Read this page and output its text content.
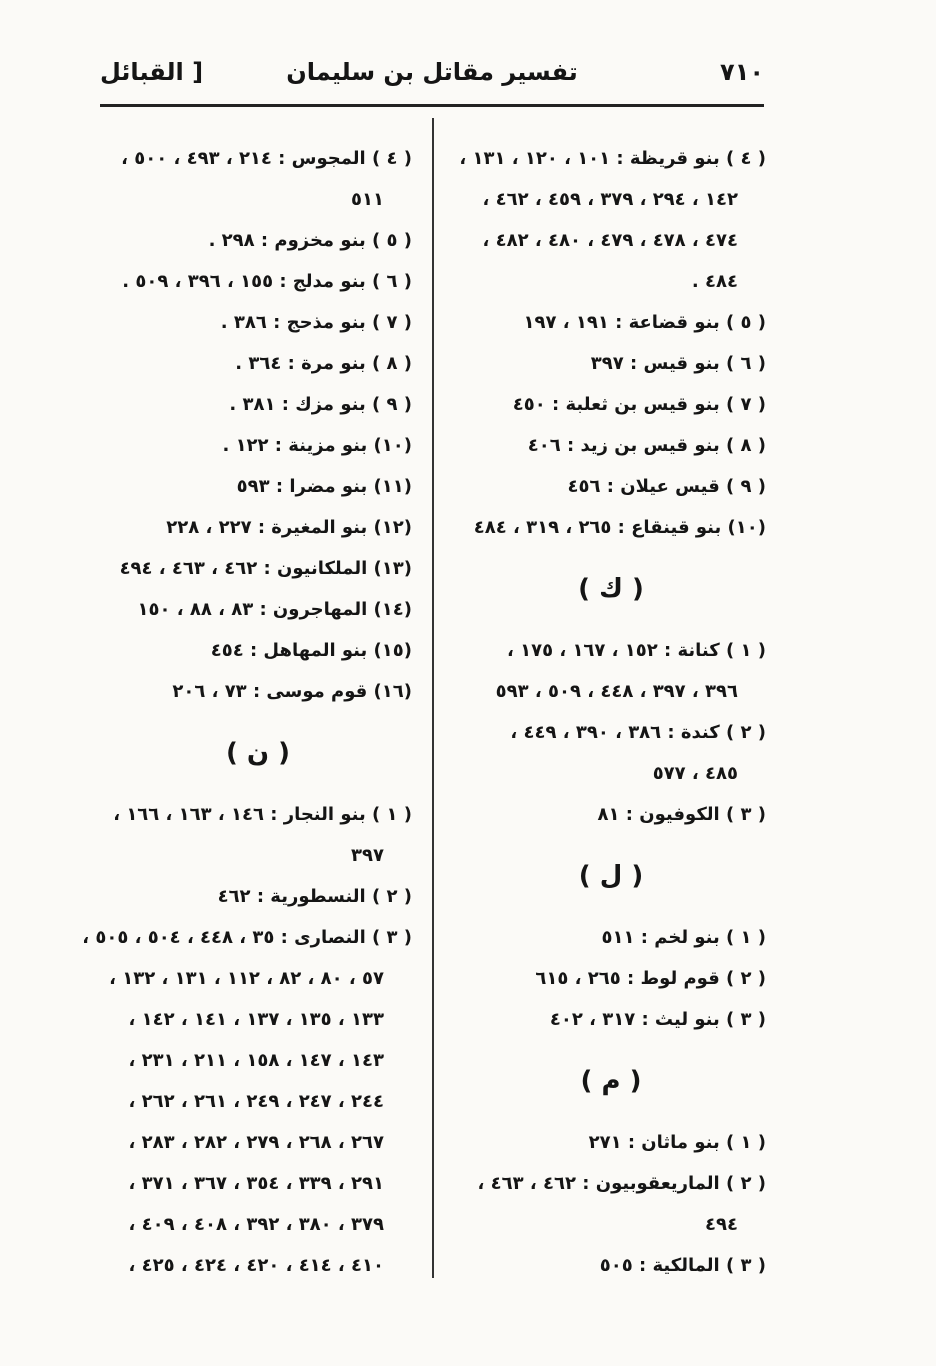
٧١٠
تفسير مقاتل بن سليمان
[ القبائل
( ٤ ) بنو قريظة : ١٠١ ، ١٢٠ ، ١٣١ ،
١٤٢ ، ٢٩٤ ، ٣٧٩ ، ٤٥٩ ، ٤٦٢ ،
٤٧٤ ، ٤٧٨ ، ٤٧٩ ، ٤٨٠ ، ٤٨٢ ،
٤٨٤ .
( ٥ ) بنو قضاعة : ١٩١ ، ١٩٧
( ٦ ) بنو قيس : ٣٩٧
( ٧ ) بنو قيس بن ثعلبة : ٤٥٠
( ٨ ) بنو قيس بن زيد : ٤٠٦
( ٩ ) قيس عيلان : ٤٥٦
(١٠) بنو قينقاع : ٢٦٥ ، ٣١٩ ، ٤٨٤
( ك )
( ١ ) كنانة : ١٥٢ ، ١٦٧ ، ١٧٥ ،
٣٩٦ ، ٣٩٧ ، ٤٤٨ ، ٥٠٩ ، ٥٩٣
( ٢ ) كندة : ٣٨٦ ، ٣٩٠ ، ٤٤٩ ،
٤٨٥ ، ٥٧٧
( ٣ ) الكوفيون : ٨١
( ل )
( ١ ) بنو لخم : ٥١١
( ٢ ) قوم لوط : ٢٦٥ ، ٦١٥
( ٣ ) بنو ليث : ٣١٧ ، ٤٠٢
( م )
( ١ ) بنو ماثان : ٢٧١
( ٢ ) الماريعقوبيون : ٤٦٢ ، ٤٦٣ ،
٤٩٤
( ٣ ) المالكية : ٥٠٥
( ٤ ) المجوس : ٢١٤ ، ٤٩٣ ، ٥٠٠ ،
٥١١
( ٥ ) بنو مخزوم : ٢٩٨ .
( ٦ ) بنو مدلج : ١٥٥ ، ٣٩٦ ، ٥٠٩ .
( ٧ ) بنو مذحج : ٣٨٦ .
( ٨ ) بنو مرة : ٣٦٤ .
( ٩ ) بنو مزك : ٣٨١ .
(١٠) بنو مزينة : ١٢٢ .
(١١) بنو مضرا : ٥٩٣
(١٢) بنو المغيرة : ٢٢٧ ، ٢٢٨
(١٣) الملكانيون : ٤٦٢ ، ٤٦٣ ، ٤٩٤
(١٤) المهاجرون : ٨٣ ، ٨٨ ، ١٥٠
(١٥) بنو المهاهل : ٤٥٤
(١٦) قوم موسى : ٧٣ ، ٢٠٦
( ن )
( ١ ) بنو النجار : ١٤٦ ، ١٦٣ ، ١٦٦ ،
٣٩٧
( ٢ ) النسطورية : ٤٦٢
( ٣ ) النصارى : ٣٥ ، ٤٤٨ ، ٥٠٤ ، ٥٠٥ ،
٥٧ ، ٨٠ ، ٨٢ ، ١١٢ ، ١٣١ ، ١٣٢ ،
١٣٣ ، ١٣٥ ، ١٣٧ ، ١٤١ ، ١٤٢ ،
١٤٣ ، ١٤٧ ، ١٥٨ ، ٢١١ ، ٢٣١ ،
٢٤٤ ، ٢٤٧ ، ٢٤٩ ، ٢٦١ ، ٢٦٢ ،
٢٦٧ ، ٢٦٨ ، ٢٧٩ ، ٢٨٢ ، ٢٨٣ ،
٢٩١ ، ٣٣٩ ، ٣٥٤ ، ٣٦٧ ، ٣٧١ ،
٣٧٩ ، ٣٨٠ ، ٣٩٢ ، ٤٠٨ ، ٤٠٩ ،
٤١٠ ، ٤١٤ ، ٤٢٠ ، ٤٢٤ ، ٤٢٥ ،
